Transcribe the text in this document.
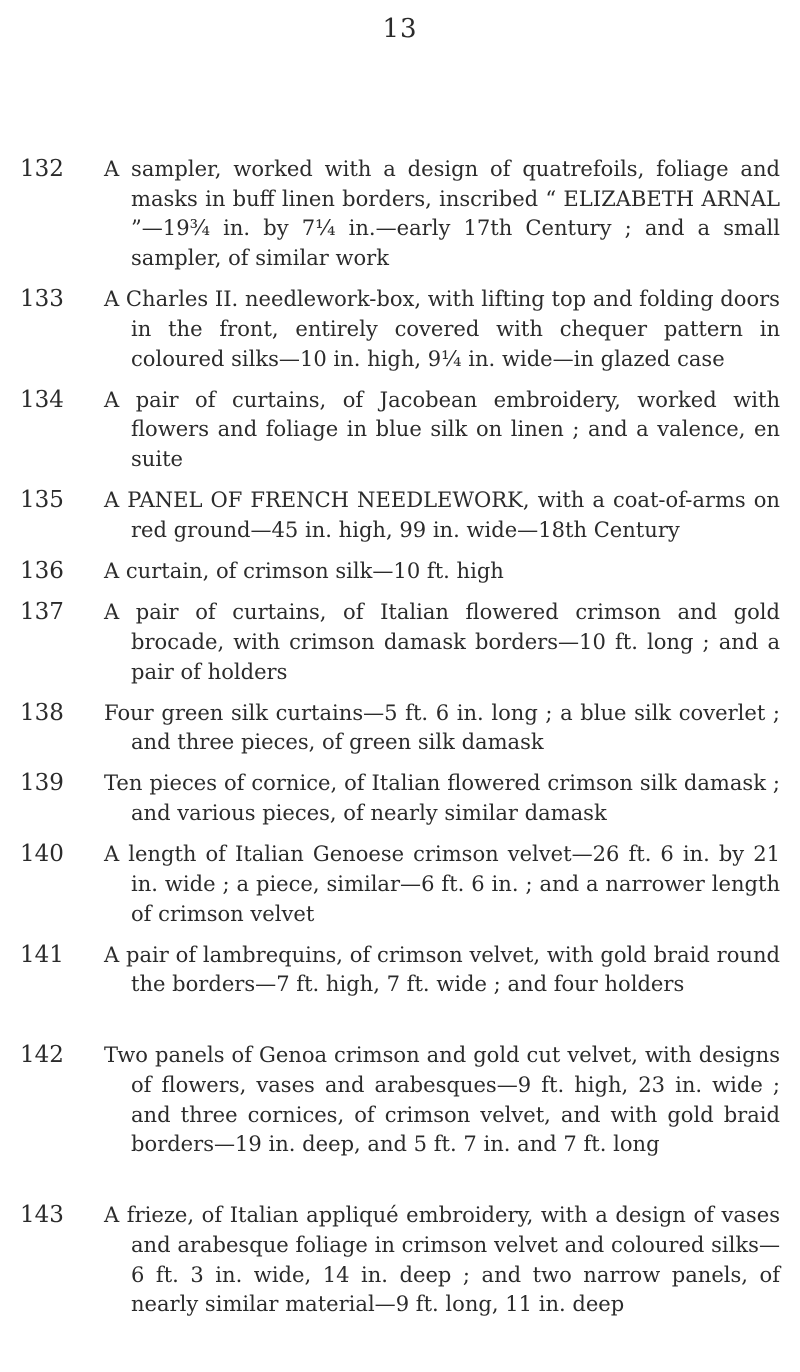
13
132 A sampler, worked with a design of quatrefoils, foliage and masks in buff linen borders, inscribed “ ELIZABETH ARNAL ”—19¾ in. by 7¼ in.—early 17th Century ; and a small sampler, of similar work
133 A Charles II. needlework-box, with lifting top and folding doors in the front, entirely covered with chequer pattern in coloured silks—10 in. high, 9¼ in. wide—in glazed case
134 A pair of curtains, of Jacobean embroidery, worked with flowers and foliage in blue silk on linen ; and a valence, en suite
135 A PANEL OF FRENCH NEEDLEWORK, with a coat-of-arms on red ground—45 in. high, 99 in. wide—18th Century
136 A curtain, of crimson silk—10 ft. high
137 A pair of curtains, of Italian flowered crimson and gold brocade, with crimson damask borders—10 ft. long ; and a pair of holders
138 Four green silk curtains—5 ft. 6 in. long ; a blue silk coverlet ; and three pieces, of green silk damask
139 Ten pieces of cornice, of Italian flowered crimson silk damask ; and various pieces, of nearly similar damask
140 A length of Italian Genoese crimson velvet—26 ft. 6 in. by 21 in. wide ; a piece, similar—6 ft. 6 in. ; and a narrower length of crimson velvet
141 A pair of lambrequins, of crimson velvet, with gold braid round the borders—7 ft. high, 7 ft. wide ; and four holders
142 Two panels of Genoa crimson and gold cut velvet, with designs of flowers, vases and arabesques—9 ft. high, 23 in. wide ; and three cornices, of crimson velvet, and with gold braid borders—19 in. deep, and 5 ft. 7 in. and 7 ft. long
143 A frieze, of Italian appliqué embroidery, with a design of vases and arabesque foliage in crimson velvet and coloured silks—6 ft. 3 in. wide, 14 in. deep ; and two narrow panels, of nearly similar material—9 ft. long, 11 in. deep
